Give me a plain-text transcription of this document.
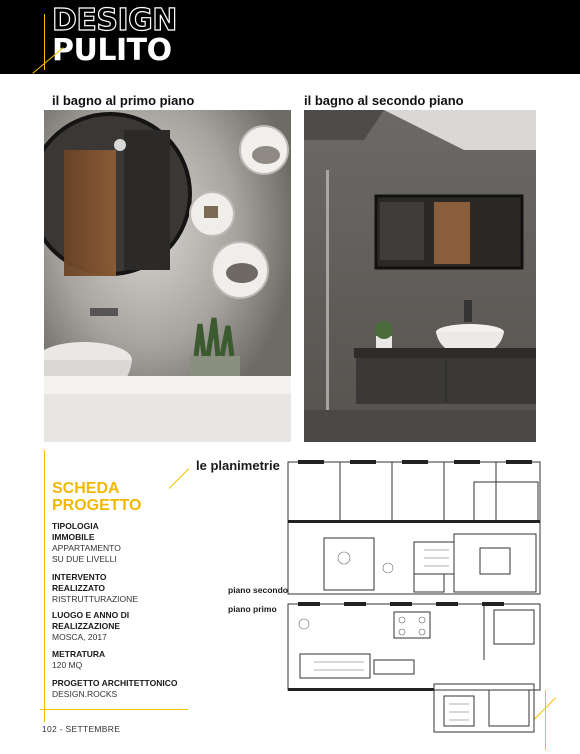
DESIGN
PULITO
il bagno al primo piano	il bagno al secondo piano
SCHEDA
PROGETTO
TIPOLOGIA
IMMOBILE
APPARTAMENTO
SU DUE LIVELLI
INTERVENTO
REALIZZATO
RISTRUTTURAZIONE
LUOGO E ANNO DI
REALIZZAZIONE
MOSCA, 2017
METRATURA
120 MQ
PROGETTO ARCHITETTONICO
DESIGN.ROCKS
le planimetrie
piano secondo
piano primo
102 - SETTEMBRE
